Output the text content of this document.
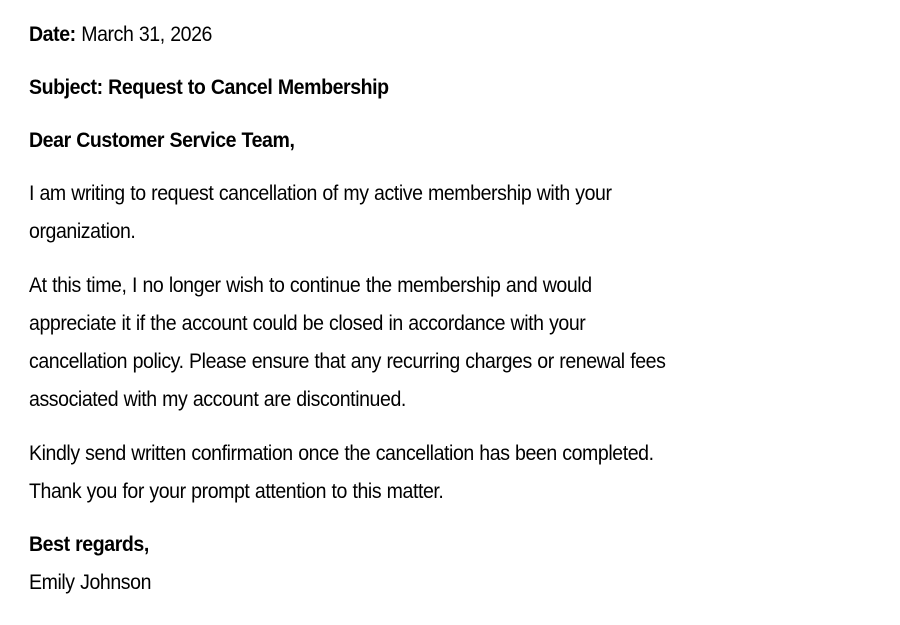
Date: March 31, 2026
Subject: Request to Cancel Membership
Dear Customer Service Team,
I am writing to request cancellation of my active membership with your
organization.
At this time, I no longer wish to continue the membership and would
appreciate it if the account could be closed in accordance with your
cancellation policy. Please ensure that any recurring charges or renewal fees
associated with my account are discontinued.
Kindly send written confirmation once the cancellation has been completed.
Thank you for your prompt attention to this matter.
Best regards,
Emily Johnson
